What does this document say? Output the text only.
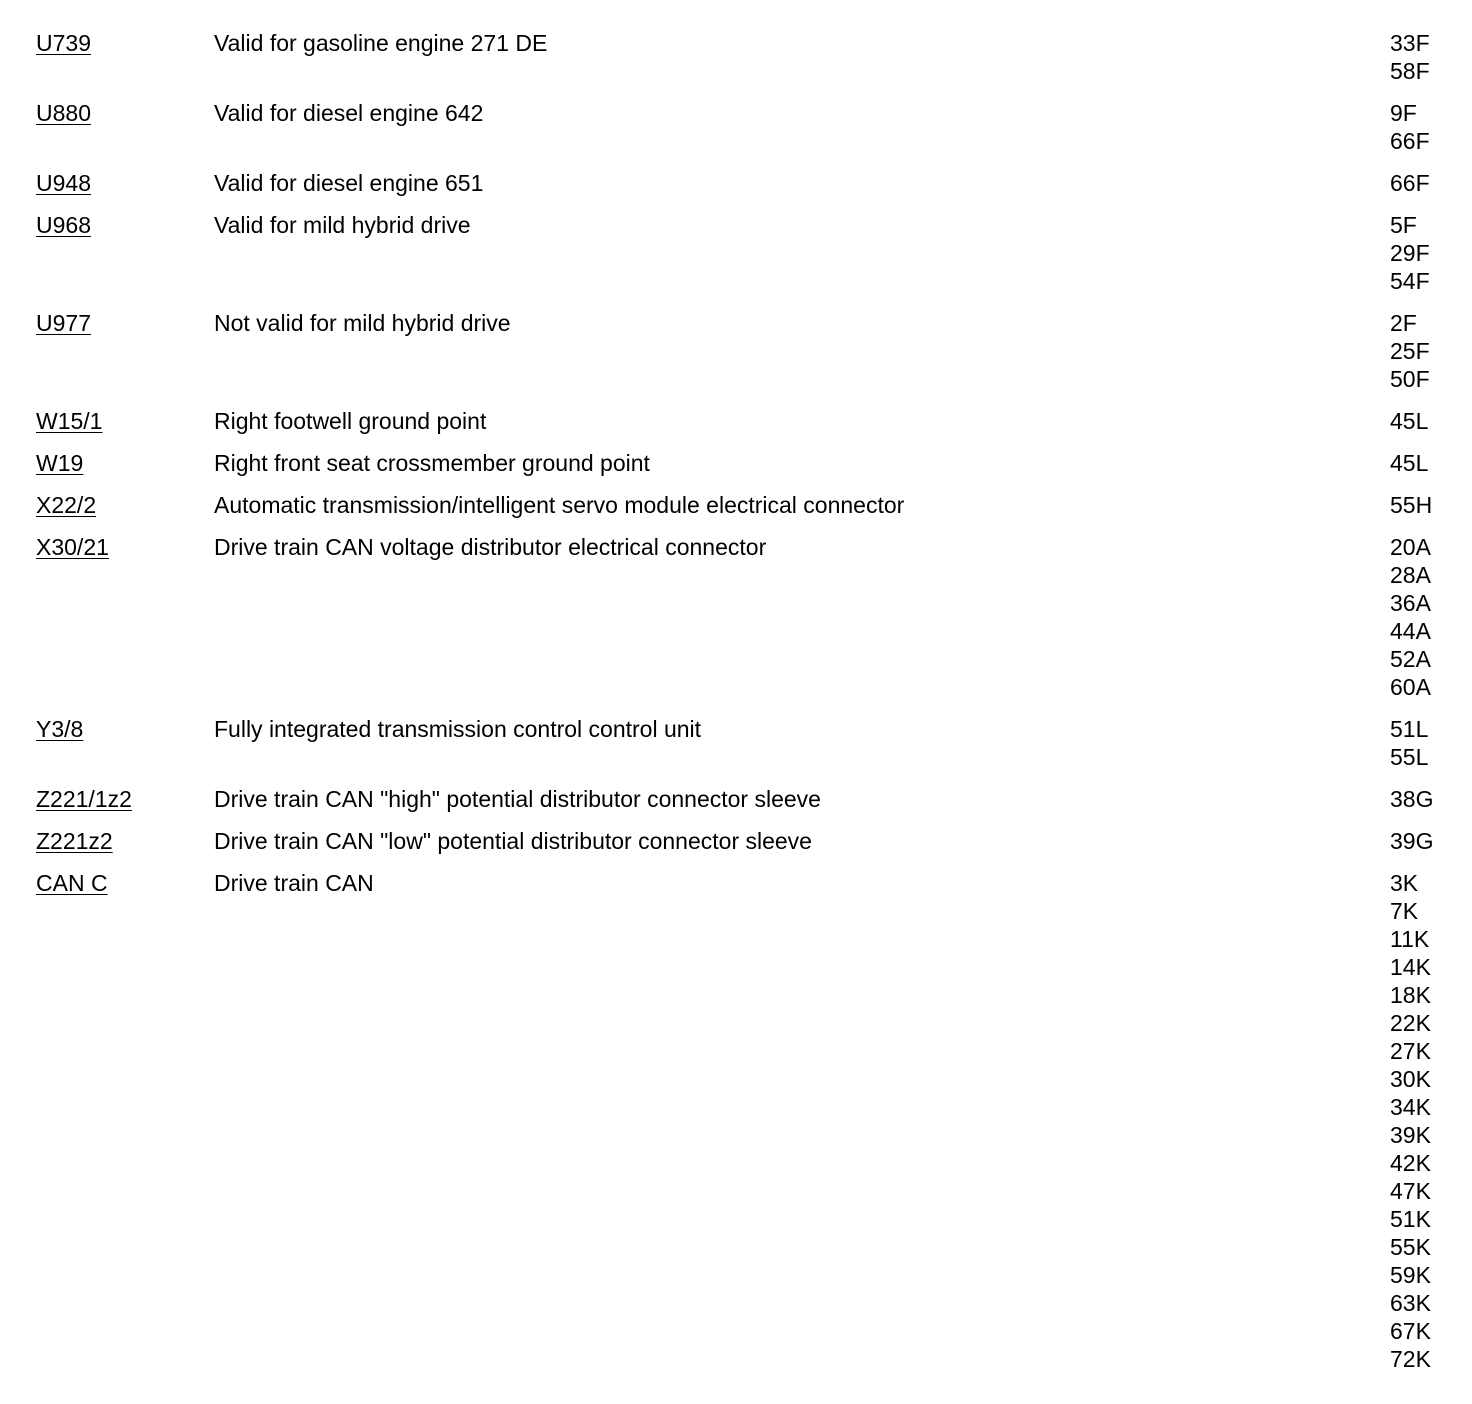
U739	Valid for gasoline engine 271 DE	33F
58F
U880	Valid for diesel engine 642	9F
66F
U948	Valid for diesel engine 651	66F
U968	Valid for mild hybrid drive	5F
29F
54F
U977	Not valid for mild hybrid drive	2F
25F
50F
W15/1	Right footwell ground point	45L
W19	Right front seat crossmember ground point	45L
X22/2	Automatic transmission/intelligent servo module electrical connector	55H
X30/21	Drive train CAN voltage distributor electrical connector	20A
28A
36A
44A
52A
60A
Y3/8	Fully integrated transmission control control unit	51L
55L
Z221/1z2	Drive train CAN "high" potential distributor connector sleeve	38G
Z221z2	Drive train CAN "low" potential distributor connector sleeve	39G
CAN C	Drive train CAN	3K
7K
11K
14K
18K
22K
27K
30K
34K
39K
42K
47K
51K
55K
59K
63K
67K
72K
